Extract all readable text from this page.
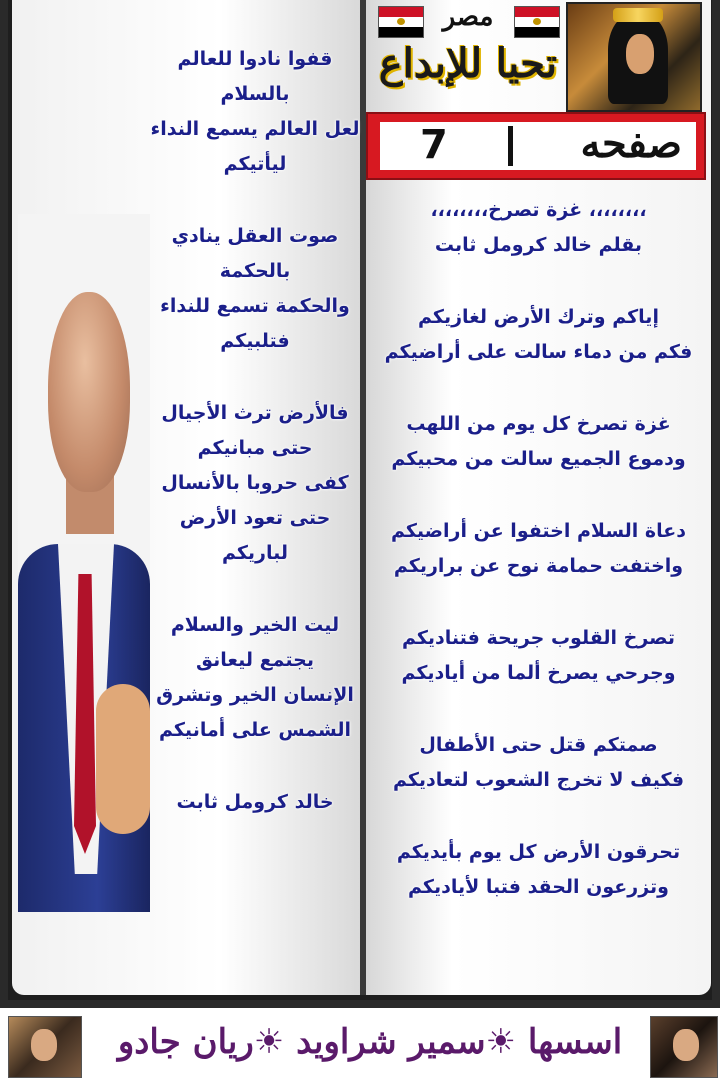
مصر
تحيا للإبداع
صفحه
7
قفوا نادوا للعالم
بالسلام
لعل العالم يسمع النداء
ليأتيكم
صوت العقل ينادي
بالحكمة
والحكمة تسمع للنداء
فتلبيكم
فالأرض ترث الأجيال
حتى مبانيكم
كفى حروبا بالأنسال
حتى تعود الأرض
لباريكم
ليت الخير والسلام
يجتمع ليعانق
الإنسان الخير وتشرق
الشمس على أمانيكم
خالد كرومل ثابت
،،،،،،،، غزة تصرخ،،،،،،،،
بقلم خالد كرومل ثابت
إياكم وترك الأرض لغازيكم
فكم من دماء سالت على أراضيكم
غزة تصرخ كل يوم من اللهب
ودموع الجميع سالت من محبيكم
دعاة السلام اختفوا عن أراضيكم
واختفت حمامة نوح عن براريكم
تصرخ القلوب جريحة فتناديكم
وجرحي يصرخ ألما من أياديكم
صمتكم قتل حتى الأطفال
فكيف لا تخرج الشعوب لتعاديكم
تحرقون الأرض كل يوم بأيديكم
وتزرعون الحقد فتبا لأياديكم
اسسها ☀سمير شراويد ☀ريان جادو
